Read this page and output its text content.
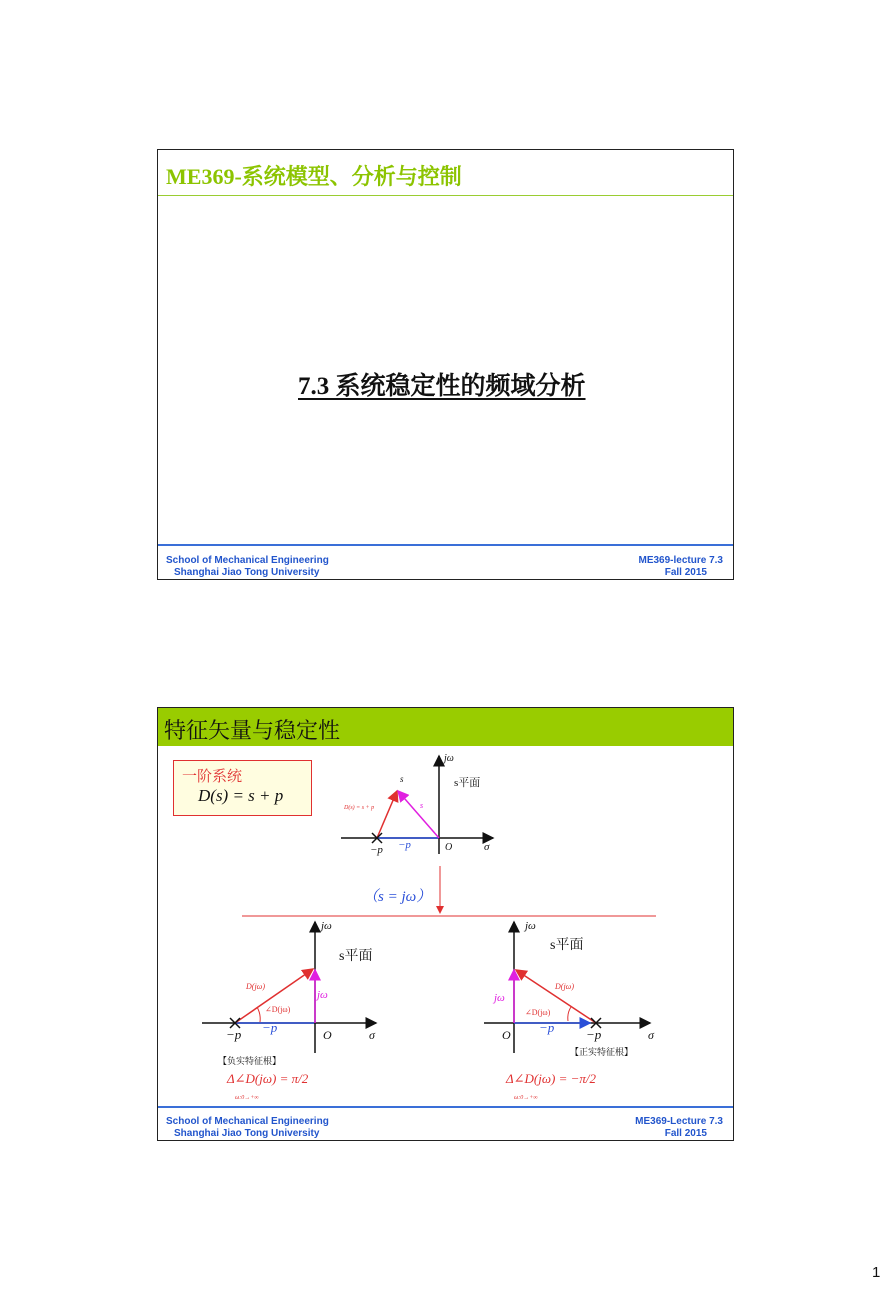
ME369-系统模型、分析与控制
7.3 系统稳定性的频域分析
School of Mechanical Engineering
Shanghai Jiao Tong University
ME369-lecture 7.3
Fall 2015
特征矢量与稳定性
一阶系统
D(s) = s + p
jω
s平面
s
D(s) = s + p	s
−p −p	O	σ
（s = jω）
jω
s平面
D(jω)
∠D(jω)
jω
−p −p	O	σ
【负实特征根】
Δ∠D(jω) = π/2
ω:0→+∞
jω
s平面
D(jω)
∠D(jω)
jω
−p
−p
O	σ
【正实特征根】
Δ∠D(jω) = −π/2
ω:0→+∞
School of Mechanical Engineering
Shanghai Jiao Tong University
ME369-Lecture 7.3
Fall 2015
1
